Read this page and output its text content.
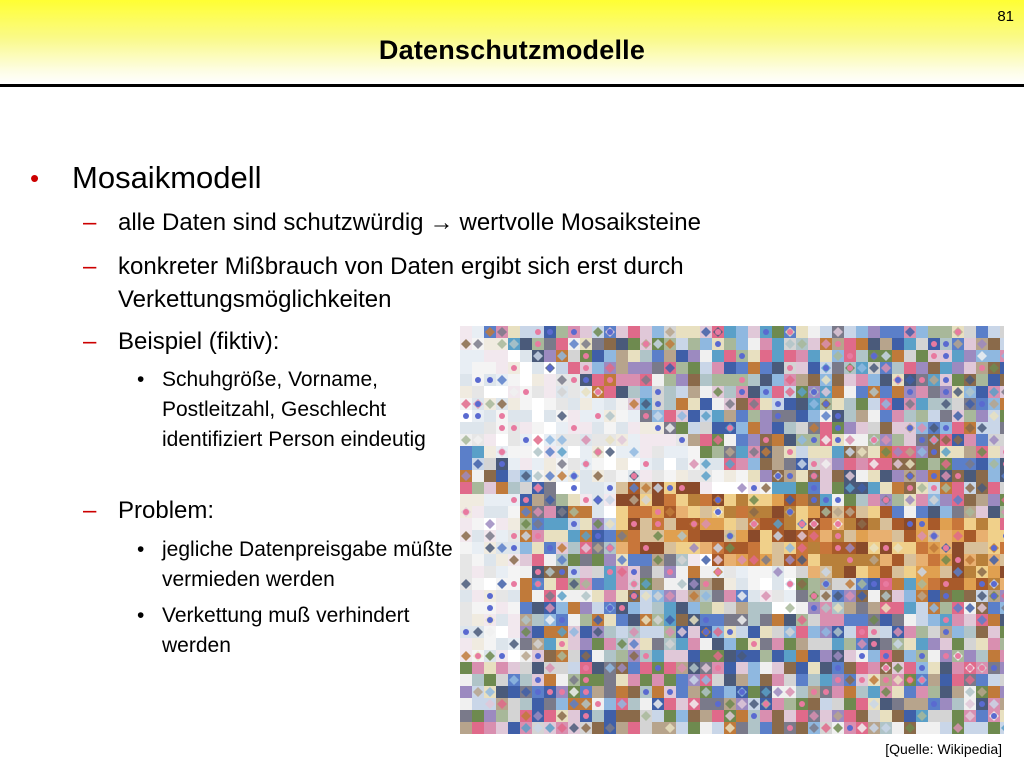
81
Datenschutzmodelle
•	Mosaikmodell
– alle Daten sind schutzwürdig → wertvolle Mosaiksteine
– konkreter Mißbrauch von Daten ergibt sich erst durch Verkettungsmöglichkeiten
– Beispiel (fiktiv):
• Schuhgröße, Vorname, Postleitzahl, Geschlecht identifiziert Person eindeutig
– Problem:
• jegliche Datenpreisgabe müßte vermieden werden
• Verkettung muß verhindert werden
[Quelle: Wikipedia]
